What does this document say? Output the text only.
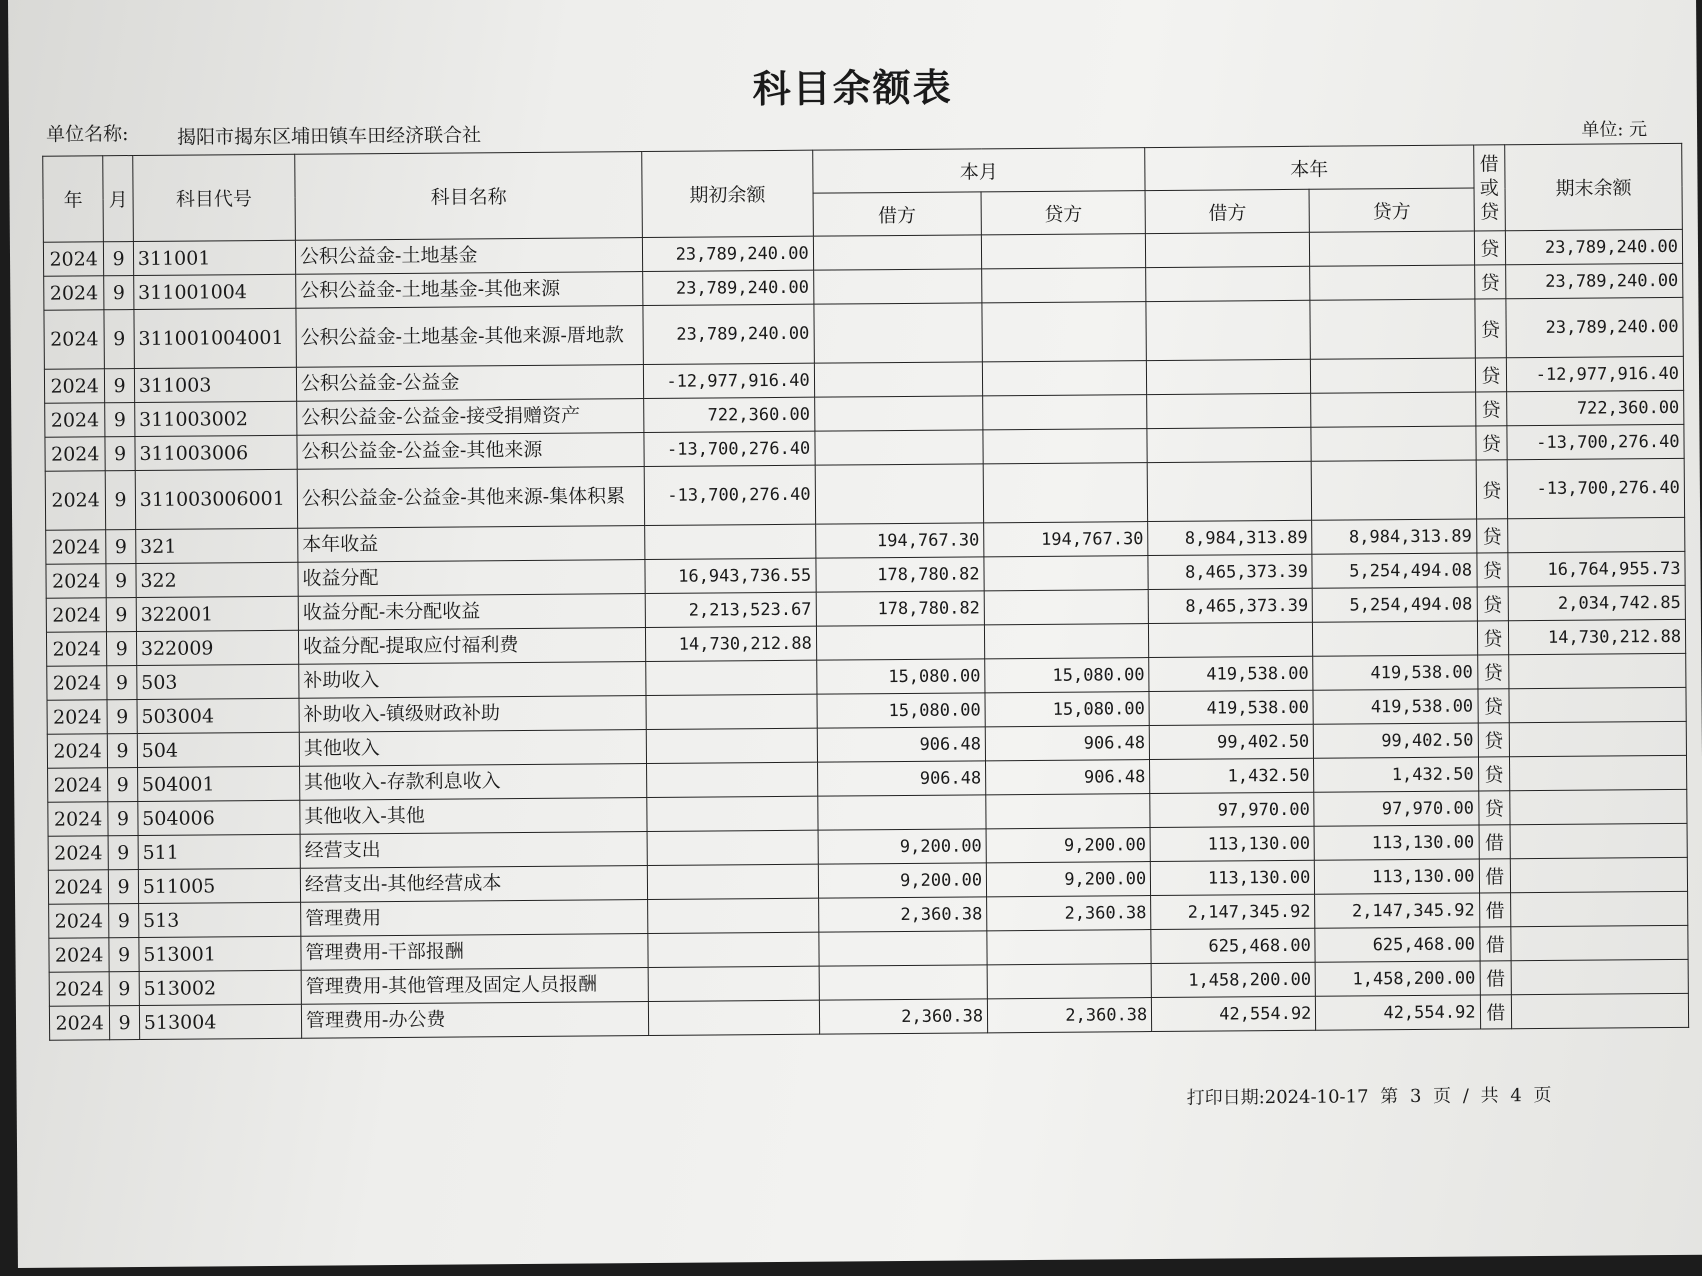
科目余额表
单位名称:	揭阳市揭东区埔田镇车田经济联合社	单位: 元
年	月	科目代号	科目名称	期初余额	本月		本年		借或贷	期末余额
					借方	贷方	借方	贷方		
2024	9	311001	公积公益金-土地基金	23,789,240.00					贷	23,789,240.00
2024	9	311001004	公积公益金-土地基金-其他来源	23,789,240.00					贷	23,789,240.00
2024	9	311001004001	公积公益金-土地基金-其他来源-厝地款	23,789,240.00					贷	23,789,240.00
2024	9	311003	公积公益金-公益金	-12,977,916.40					贷	-12,977,916.40
2024	9	311003002	公积公益金-公益金-接受捐赠资产	722,360.00					贷	722,360.00
2024	9	311003006	公积公益金-公益金-其他来源	-13,700,276.40					贷	-13,700,276.40
2024	9	311003006001	公积公益金-公益金-其他来源-集体积累	-13,700,276.40					贷	-13,700,276.40
2024	9	321	本年收益		194,767.30	194,767.30	8,984,313.89	8,984,313.89	贷	
2024	9	322	收益分配	16,943,736.55	178,780.82		8,465,373.39	5,254,494.08	贷	16,764,955.73
2024	9	322001	收益分配-未分配收益	2,213,523.67	178,780.82		8,465,373.39	5,254,494.08	贷	2,034,742.85
2024	9	322009	收益分配-提取应付福利费	14,730,212.88					贷	14,730,212.88
2024	9	503	补助收入		15,080.00	15,080.00	419,538.00	419,538.00	贷	
2024	9	503004	补助收入-镇级财政补助		15,080.00	15,080.00	419,538.00	419,538.00	贷	
2024	9	504	其他收入		906.48	906.48	99,402.50	99,402.50	贷	
2024	9	504001	其他收入-存款利息收入		906.48	906.48	1,432.50	1,432.50	贷	
2024	9	504006	其他收入-其他				97,970.00	97,970.00	贷	
2024	9	511	经营支出		9,200.00	9,200.00	113,130.00	113,130.00	借	
2024	9	511005	经营支出-其他经营成本		9,200.00	9,200.00	113,130.00	113,130.00	借	
2024	9	513	管理费用		2,360.38	2,360.38	2,147,345.92	2,147,345.92	借	
2024	9	513001	管理费用-干部报酬				625,468.00	625,468.00	借	
2024	9	513002	管理费用-其他管理及固定人员报酬				1,458,200.00	1,458,200.00	借	
2024	9	513004	管理费用-办公费		2,360.38	2,360.38	42,554.92	42,554.92	借	
打印日期:2024-10-17 第 3 页 / 共 4 页
